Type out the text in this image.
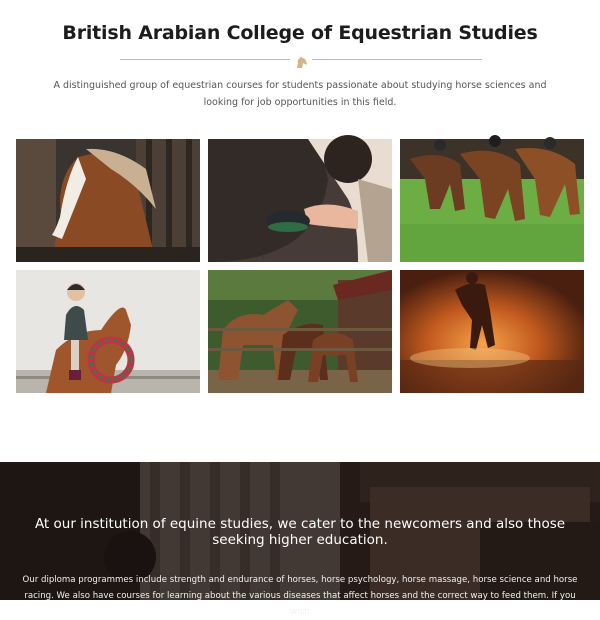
British Arabian College of Equestrian Studies
A distinguished group of equestrian courses for students passionate about studying horse sciences and looking for job opportunities in this field.
At our institution of equine studies, we cater to the newcomers and also those seeking higher education.
Our diploma programmes include strength and endurance of horses, horse psychology, horse massage, horse science and horse racing. We also have courses for learning about the various diseases that affect horses and the correct way to feed them. If you wish
